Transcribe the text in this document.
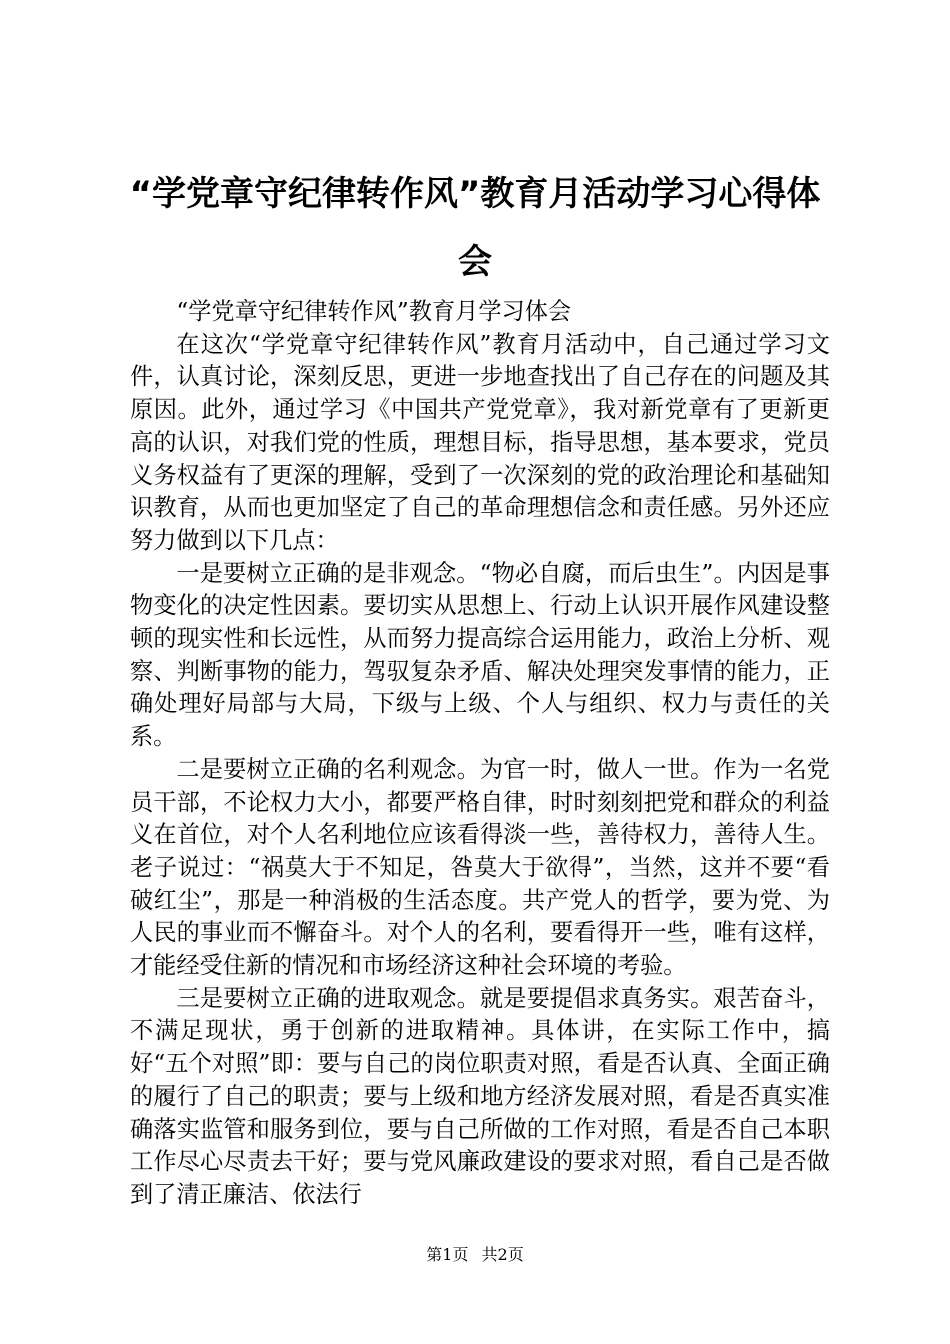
“学党章守纪律转作风”教育月活动学习心得体会

“学党章守纪律转作风”教育月学习体会

在这次“学党章守纪律转作风”教育月活动中，自己通过学习文件，认真讨论，深刻反思，更进一步地查找出了自己存在的问题及其原因。此外，通过学习《中国共产党党章》，我对新党章有了更新更高的认识，对我们党的性质，理想目标，指导思想，基本要求，党员义务权益有了更深的理解，受到了一次深刻的党的政治理论和基础知识教育，从而也更加坚定了自己的革命理想信念和责任感。另外还应努力做到以下几点：

一是要树立正确的是非观念。“物必自腐，而后虫生”。内因是事物变化的决定性因素。要切实从思想上、行动上认识开展作风建设整顿的现实性和长远性，从而努力提高综合运用能力，政治上分析、观察、判断事物的能力，驾驭复杂矛盾、解决处理突发事情的能力，正确处理好局部与大局，下级与上级、个人与组织、权力与责任的关系。

二是要树立正确的名利观念。为官一时，做人一世。作为一名党员干部，不论权力大小，都要严格自律，时时刻刻把党和群众的利益义在首位，对个人名利地位应该看得淡一些，善待权力，善待人生。老子说过：“祸莫大于不知足，咎莫大于欲得”，当然，这并不要“看破红尘”，那是一种消极的生活态度。共产党人的哲学，要为党、为人民的事业而不懈奋斗。对个人的名利，要看得开一些，唯有这样，才能经受住新的情况和市场经济这种社会环境的考验。

三是要树立正确的进取观念。就是要提倡求真务实。艰苦奋斗，不满足现状，勇于创新的进取精神。具体讲，在实际工作中，搞好“五个对照”即：要与自己的岗位职责对照，看是否认真、全面正确的履行了自己的职责；要与上级和地方经济发展对照，看是否真实准确落实监管和服务到位，要与自己所做的工作对照，看是否自己本职工作尽心尽责去干好；要与党风廉政建设的要求对照，看自己是否做到了清正廉洁、依法行

第1页 共2页
